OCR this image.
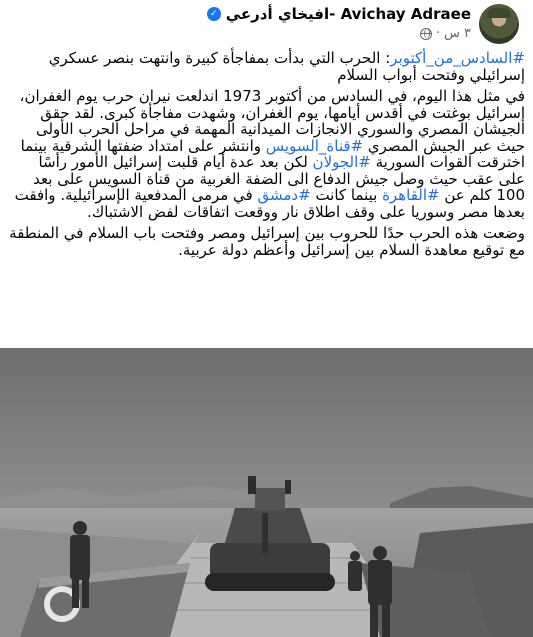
Avichay Adraee -افيخاي أدرعي
✓
٣ س
·

#السادس_من_أكتوبر: الحرب التي بدأت بمفاجأة كبيرة وانتهت بنصر عسكري إسرائيلي وفتحت أبواب السلام

في مثل هذا اليوم، في السادس من أكتوبر 1973 اندلعت نيران حرب يوم الغفران، إسرائيل بوغتت في أقدس أيامها، يوم الغفران، وشهدت مفاجأة كبرى. لقد حقق الجيشان المصري والسوري الانجازات الميدانية المهمة في مراحل الحرب الأولى حيث عبر الجيش المصري #قناة_السويس وانتشر على امتداد ضفتها الشرقية بينما اخترقت القوات السورية #الجولان لكن بعد عدة أيام قلبت إسرائيل الأمور رأسًا على عقب حيث وصل جيش الدفاع الى الضفة الغربية من قناة السويس على بعد 100 كلم عن #القاهرة بينما كانت #دمشق في مرمى المدفعية الإسرائيلية. وافقت بعدها مصر وسوريا على وقف اطلاق نار ووقعت اتفاقات لفض الاشتباك.

وضعت هذه الحرب حدًا للحروب بين إسرائيل ومصر وفتحت باب السلام في المنطقة مع توقيع معاهدة السلام بين إسرائيل وأعظم دولة عربية.
